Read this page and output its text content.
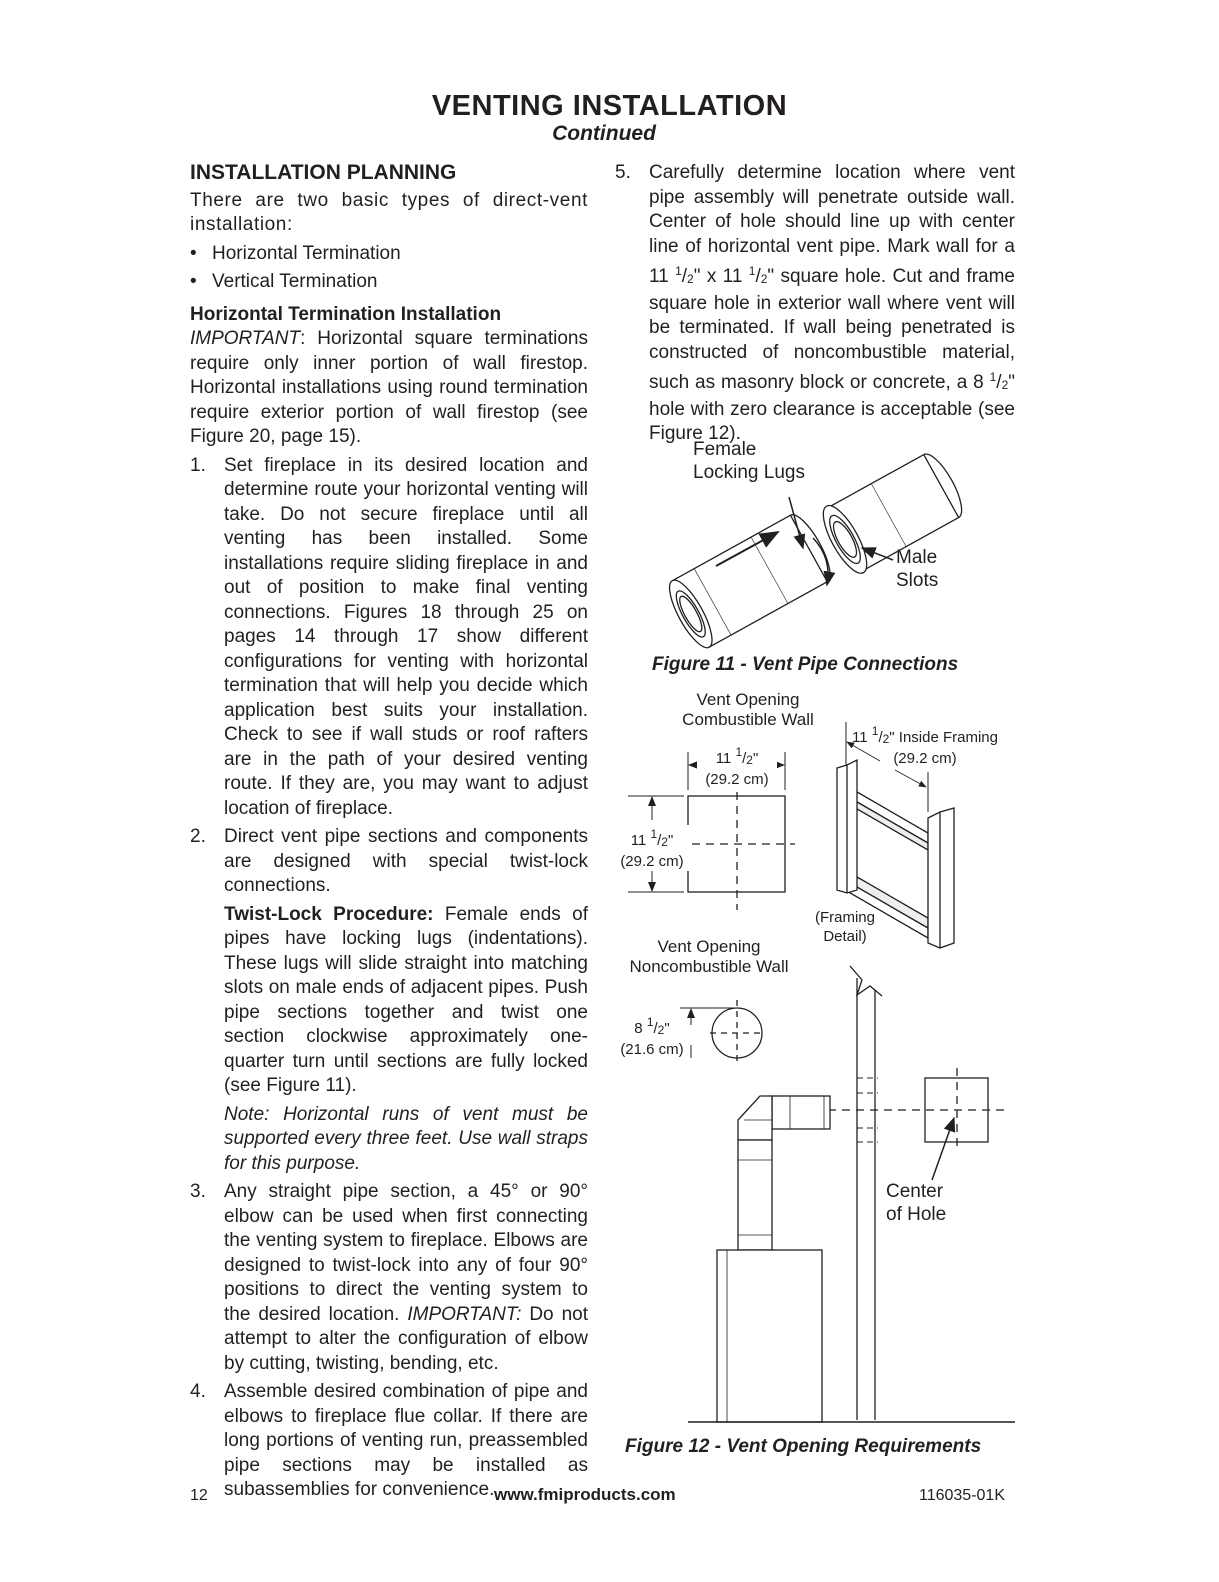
VENTING INSTALLATION
Continued
INSTALLATION PLANNING

There are two basic types of direct-vent installation:

• Horizontal Termination
• Vertical Termination
Horizontal Termination Installation

IMPORTANT: Horizontal square terminations require only inner portion of wall firestop. Horizontal installations using round termination require exterior portion of wall firestop (see Figure 20, page 15).

1. Set fireplace in its desired location and determine route your horizontal venting will take. Do not secure fireplace until all venting has been installed. Some installations require sliding fireplace in and out of position to make final venting connections. Figures 18 through 25 on pages 14 through 17 show different configurations for venting with horizontal termination that will help you decide which application best suits your installation. Check to see if wall studs or roof rafters are in the path of your desired venting route. If they are, you may want to adjust location of fireplace.

2. Direct vent pipe sections and components are designed with special twist-lock connections.

Twist-Lock Procedure: Female ends of pipes have locking lugs (indentations). These lugs will slide straight into matching slots on male ends of adjacent pipes. Push pipe sections together and twist one section clockwise approximately one-quarter turn until sections are fully locked (see Figure 11).

Note: Horizontal runs of vent must be supported every three feet. Use wall straps for this purpose.

3. Any straight pipe section, a 45° or 90° elbow can be used when first connecting the venting system to fireplace. Elbows are designed to twist-lock into any of four 90° positions to direct the venting system to the desired location. IMPORTANT: Do not attempt to alter the configuration of elbow by cutting, twisting, bending, etc.

4. Assemble desired combination of pipe and elbows to fireplace flue collar. If there are long portions of venting run, preassembled pipe sections may be installed as subassemblies for convenience.

5. Carefully determine location where vent pipe assembly will penetrate outside wall. Center of hole should line up with center line of horizontal vent pipe. Mark wall for a 11 $^1/_2$" x 11 $^1/_2$" square hole. Cut and frame square hole in exterior wall where vent will be terminated. If wall being penetrated is constructed of noncombustible material, such as masonry block or concrete, a 8 $^1/_2$" hole with zero clearance is acceptable (see Figure 12).

Female
Locking Lugs
Male
Slots
Figure 11 - Vent Pipe Connections
Vent Opening
Combustible Wall
11 $^1/_2$"
(29.2 cm)
11 $^1/_2$"
(29.2 cm)
11 $^1/_2$" Inside Framing
(29.2 cm)
(Framing
Detail)
Vent Opening
Noncombustible Wall
8 $^1/_2$"
(21.6 cm)
Center
of Hole
Figure 12 - Vent Opening Requirements
12	www.fmiproducts.com	116035-01K
